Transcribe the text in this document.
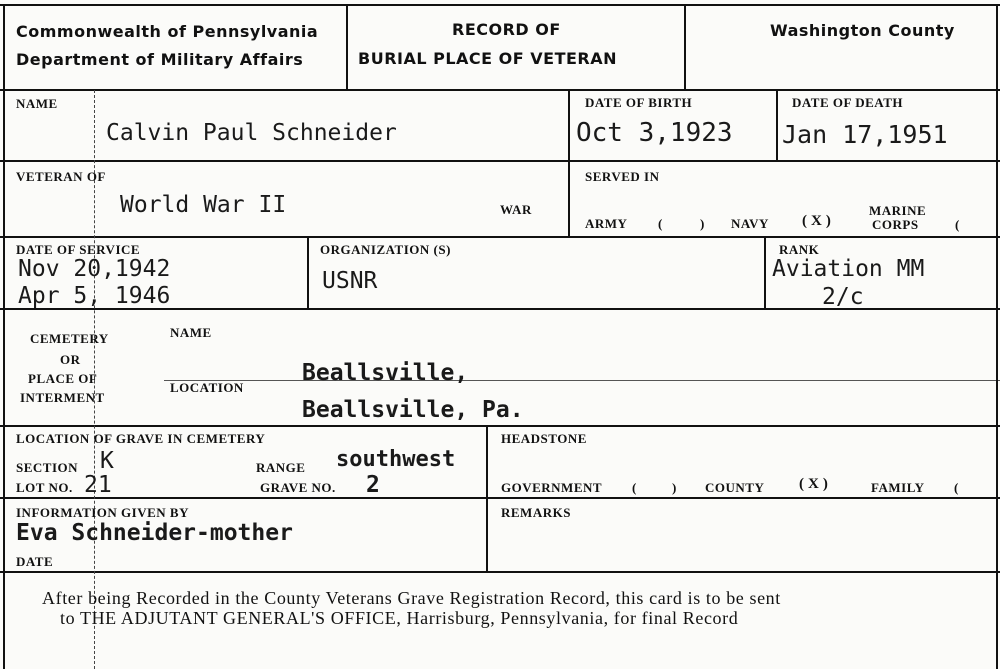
Commonwealth of Pennsylvania
Department of Military Affairs
RECORD OF
BURIAL PLACE OF VETERAN
Washington County
NAME
Calvin Paul Schneider
DATE OF BIRTH
Oct 3,1923
DATE OF DEATH
Jan 17,1951
VETERAN OF
World War II	WAR
SERVED IN
ARMY (	) NAVY (X)
MARINE
CORPS	(
DATE OF SERVICE
Nov 20,1942
Apr 5, 1946
ORGANIZATION (S)
USNR
RANK
Aviation MM
2/c
CEMETERY
OR
PLACE OF
INTERMENT
NAME
LOCATION
Beallsville,
Beallsville, Pa.
LOCATION OF GRAVE IN CEMETERY
SECTION K	RANGE southwest
LOT NO. 21	GRAVE NO. 2
HEADSTONE
GOVERNMENT (	) COUNTY (X)	FAMILY (
INFORMATION GIVEN BY
Eva Schneider-mother
DATE
REMARKS
After being Recorded in the County Veterans Grave Registration Record, this card is to be sent
to THE ADJUTANT GENERAL'S OFFICE, Harrisburg, Pennsylvania, for final Record
